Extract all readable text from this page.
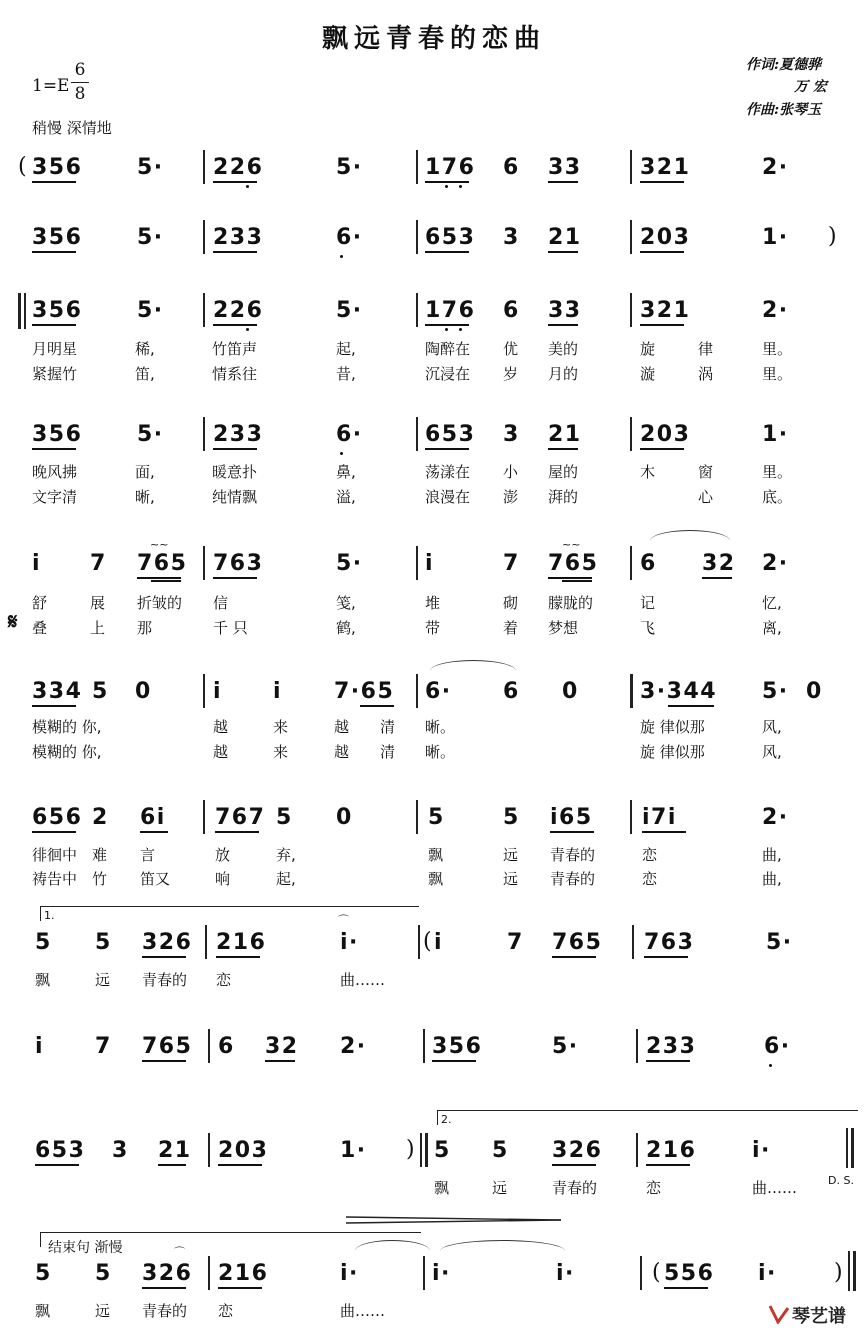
飘远青春的恋曲
作词:夏德骅
万 宏
作曲:张琴玉
1=E
6
8
稍慢 深情地
( 356 5· 226	5·	176 6 33	321	2·
356 5· 233	6·	653 3 21	203	1· )
356 5· 226	5·	176 6 33	321	2·
月明星	稀,	竹笛声	起,	陶醉在 优 美的	旋	律	里。
紧握竹	笛,	情系往	昔,	沉浸在 岁 月的	漩	涡	里。
356 5· 233	6·	653 3 21	203	1·
晚风拂	面,	暖意扑	鼻,	荡漾在 小 屋的	木	窗	里。
文字清	晰,	纯情飘	溢,	浪漫在 澎 湃的	心	底。
i 7 765
~~
763	5·	i	7 765
~~
6 32 2·
𝄋
舒	展 折皱的 信	笺,	堆	砌 朦胧的	记	忆,
叠	上 那	千 只	鹤,	带	着 梦想	飞	离,
334 5 0	i i 7·65 6· 6 0	3·344 5· 0
模糊的 你,	越	来	越 清 晰。	旋 律似那	风,
模糊的 你,	越	来	越 清 晰。	旋 律似那	风,
656 2 6i 767 5 0	5	5 i65 i7i	2·
徘徊中 难 言	放	弃,	飘	远 青春的	恋	曲,
祷告中 竹 笛又	响	起,	飘	远 青春的	恋	曲,
1.
5 5 326 216	i·
⌒
( i	7 765 763	5·
飘	远 青春的 恋	曲……
i 7 765 6 32 2·	356	5·	233	6·
653 3 21 203	1· )
2.
5 5 326 216	i·
D. S.
飘	远	青春的	恋	曲……
结束句 渐慢
5 5 326
⌒
216	i·	i·	i·	( 556 i·	)
飘	远 青春的 恋	曲……	琴艺谱
